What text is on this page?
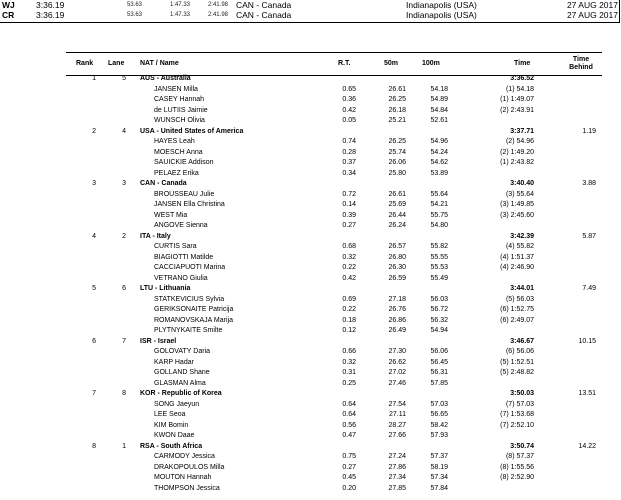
WJ	3:36.19	53.63	1:47.33	2:41.98	CAN - Canada	Indianapolis (USA)	27 AUG 2017
CR	3:36.19	53.63	1:47.33	2:41.98	CAN - Canada	Indianapolis (USA)	27 AUG 2017
Rank Lane NAT / Name	R.T.	50m	100m	Time
Time Behind
1	5 AUS - Australia	3:36.52
JANSEN Milla	0.65	26.61	54.18	(1) 54.18
CASEY Hannah	0.36	26.25	54.89	(1) 1:49.07
de LUTIIS Jaimie	0.42	26.18	54.84	(2) 2:43.91
WUNSCH Olivia	0.05	25.21	52.61
2	4 USA - United States of America	3:37.71	1.19
HAYES Leah	0.74	26.25	54.96	(2) 54.96
MOESCH Anna	0.28	25.74	54.24	(2) 1:49.20
SAUICKIE Addison	0.37	26.06	54.62	(1) 2:43.82
PELAEZ Erika	0.34	25.80	53.89
3	3 CAN - Canada	3:40.40	3.88
BROUSSEAU Julie	0.72	26.61	55.64	(3) 55.64
JANSEN Ella Christina	0.14	25.69	54.21	(3) 1:49.85
WEST Mia	0.39	26.44	55.75	(3) 2:45.60
ANGOVE Sienna	0.27	26.24	54.80
4	2 ITA - Italy	3:42.39	5.87
CURTIS Sara	0.68	26.57	55.82	(4) 55.82
BIAGIOTTI Matilde	0.32	26.80	55.55	(4) 1:51.37
CACCIAPUOTI Marina	0.22	26.30	55.53	(4) 2:46.90
VETRANO Giulia	0.42	26.59	55.49
5	6 LTU - Lithuania	3:44.01	7.49
STATKEVICIUS Sylvia	0.69	27.18	56.03	(5) 56.03
GERIKSONAITE Patricija	0.22	26.76	56.72	(6) 1:52.75
ROMANOVSKAJA Marija	0.18	26.86	56.32	(6) 2:49.07
PLYTNYKAITE Smilte	0.12	26.49	54.94
6	7 ISR - Israel	3:46.67	10.15
GOLOVATY Daria	0.66	27.30	56.06	(6) 56.06
KARP Hadar	0.32	26.62	56.45	(5) 1:52.51
GOLLAND Shane	0.31	27.02	56.31	(5) 2:48.82
GLASMAN Alma	0.25	27.46	57.85
7	8 KOR - Republic of Korea	3:50.03	13.51
SONG Jaeyun	0.64	27.54	57.03	(7) 57.03
LEE Seoa	0.64	27.11	56.65	(7) 1:53.68
KIM Bomin	0.56	28.27	58.42	(7) 2:52.10
KWON Daae	0.47	27.66	57.93
8	1 RSA - South Africa	3:50.74	14.22
CARMODY Jessica	0.75	27.24	57.37	(8) 57.37
DRAKOPOULOS Milla	0.27	27.86	58.19	(8) 1:55.56
MOUTON Hannah	0.45	27.34	57.34	(8) 2:52.90
THOMPSON Jessica	0.20	27.85	57.84
